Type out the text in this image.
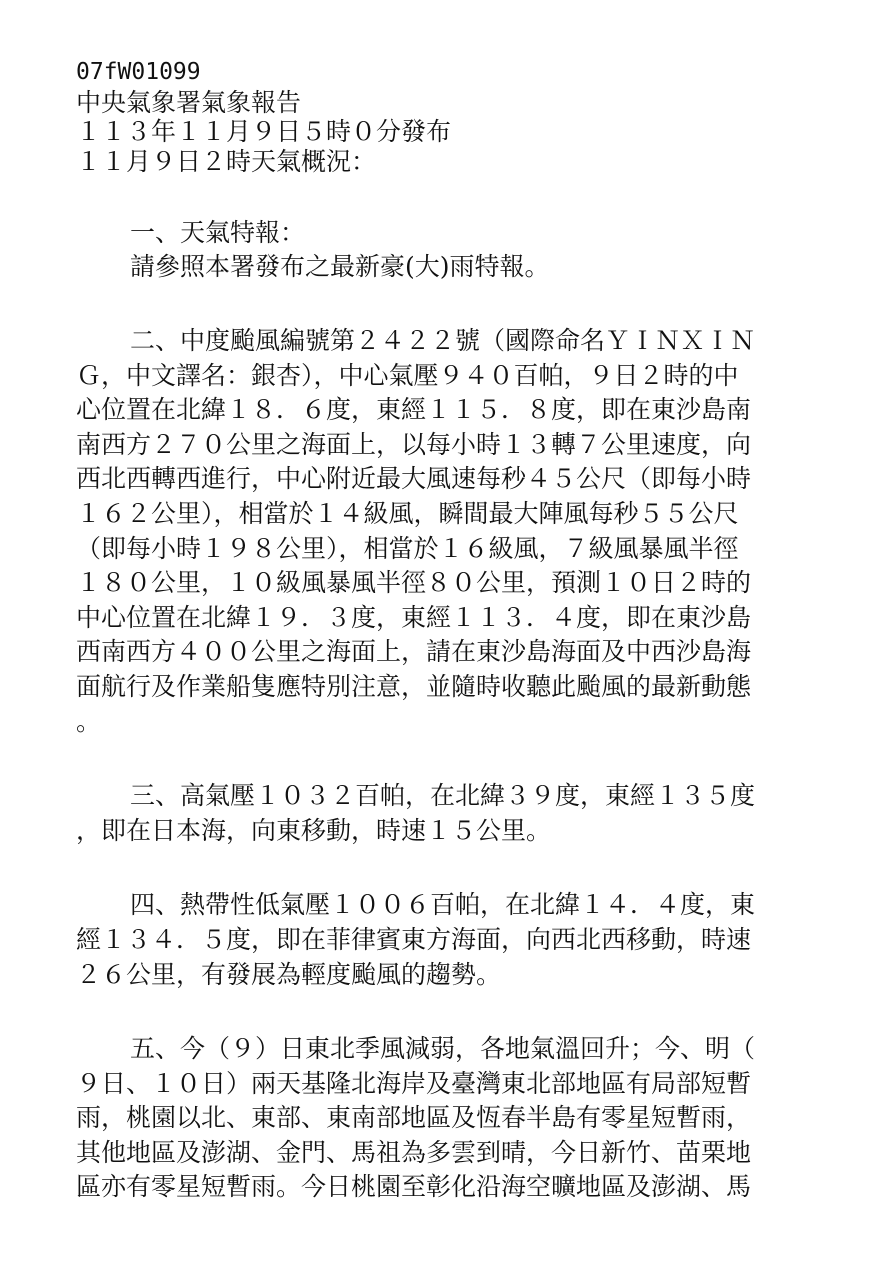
07fW01099
中央氣象署氣象報告
１１３年１１月９日５時０分發布
１１月９日２時天氣概況：
一、天氣特報：
請參照本署發布之最新豪(大)雨特報。
二、中度颱風編號第２４２２號（國際命名ＹＩＮＸＩＮ
Ｇ，中文譯名：銀杏），中心氣壓９４０百帕，９日２時的中
心位置在北緯１８．６度，東經１１５．８度，即在東沙島南
南西方２７０公里之海面上，以每小時１３轉７公里速度，向
西北西轉西進行，中心附近最大風速每秒４５公尺（即每小時
１６２公里），相當於１４級風，瞬間最大陣風每秒５５公尺
（即每小時１９８公里），相當於１６級風，７級風暴風半徑
１８０公里，１０級風暴風半徑８０公里，預測１０日２時的
中心位置在北緯１９．３度，東經１１３．４度，即在東沙島
西南西方４００公里之海面上，請在東沙島海面及中西沙島海
面航行及作業船隻應特別注意，並隨時收聽此颱風的最新動態
。
三、高氣壓１０３２百帕，在北緯３９度，東經１３５度
，即在日本海，向東移動，時速１５公里。
四、熱帶性低氣壓１００６百帕，在北緯１４．４度，東
經１３４．５度，即在菲律賓東方海面，向西北西移動，時速
２６公里，有發展為輕度颱風的趨勢。
五、今（９）日東北季風減弱，各地氣溫回升；今、明（
９日、１０日）兩天基隆北海岸及臺灣東北部地區有局部短暫
雨，桃園以北、東部、東南部地區及恆春半島有零星短暫雨，
其他地區及澎湖、金門、馬祖為多雲到晴，今日新竹、苗栗地
區亦有零星短暫雨。今日桃園至彰化沿海空曠地區及澎湖、馬
